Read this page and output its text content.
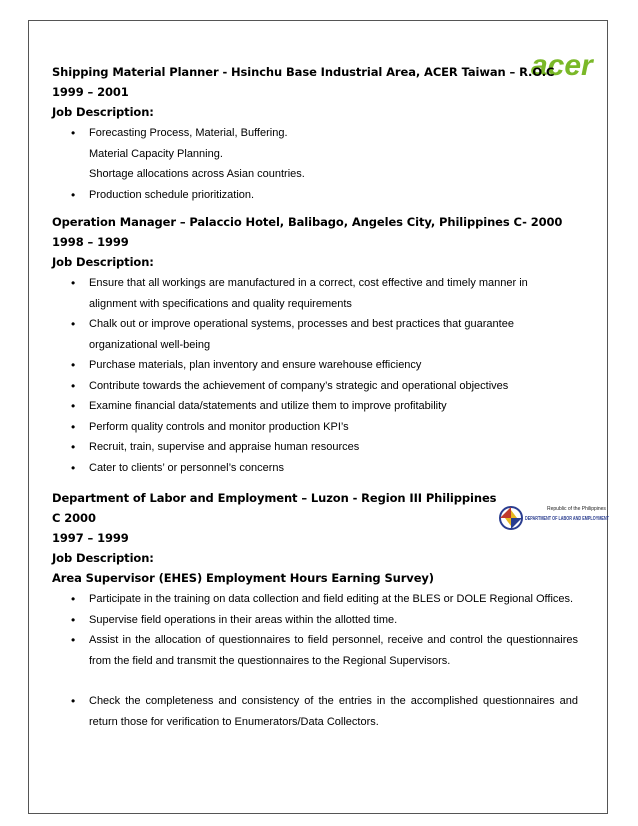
acer
Shipping Material Planner - Hsinchu Base Industrial Area, ACER Taiwan – R.O.C
1999 – 2001
Job Description:
• Forecasting Process, Material, Buffering.
Material Capacity Planning.
Shortage allocations across Asian countries.
• Production schedule prioritization.
Operation Manager – Palaccio Hotel, Balibago, Angeles City, Philippines C- 2000
1998 – 1999
Job Description:
• Ensure that all workings are manufactured in a correct, cost effective and timely manner in alignment with specifications and quality requirements
• Chalk out or improve operational systems, processes and best practices that guarantee organizational well-being
• Purchase materials, plan inventory and ensure warehouse efficiency
• Contribute towards the achievement of company’s strategic and operational objectives
• Examine financial data/statements and utilize them to improve profitability
• Perform quality controls and monitor production KPI’s
• Recruit, train, supervise and appraise human resources
• Cater to clients’ or personnel’s concerns
Republic of the Philippines
DEPARTMENT OF LABOR AND EMPLOYMENT
Department of Labor and Employment – Luzon - Region III Philippines
C 2000
1997 – 1999
Job Description:
Area Supervisor (EHES) Employment Hours Earning Survey)
• Participate in the training on data collection and field editing at the BLES or DOLE Regional Offices.
• Supervise field operations in their areas within the allotted time.
• Assist in the allocation of questionnaires to field personnel, receive and control the questionnaires from the field and transmit the questionnaires to the Regional Supervisors.
• Check the completeness and consistency of the entries in the accomplished questionnaires and return those for verification to Enumerators/Data Collectors.
